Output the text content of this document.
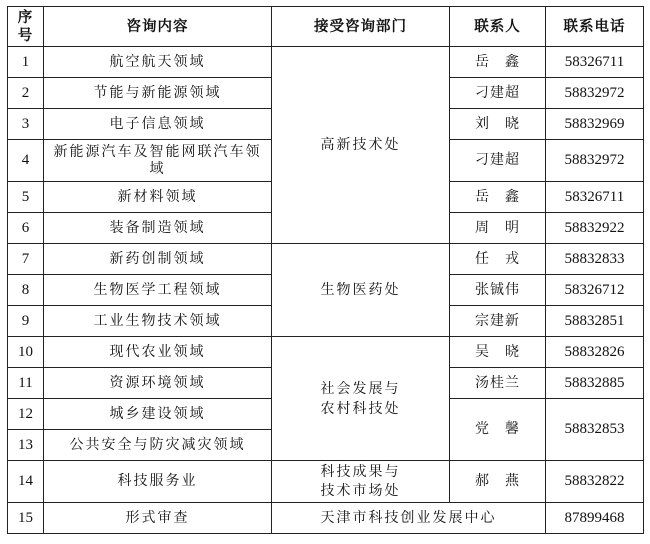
序
号	咨询内容	接受咨询部门	联系人	联系电话
1	航空航天领域	高新技术处	岳　鑫	58326711
2	节能与新能源领域		刁建超	58832972
3	电子信息领域		刘　晓	58832969
4	新能源汽车及智能网联汽车领域		刁建超	58832972
5	新材料领域		岳　鑫	58326711
6	装备制造领域		周　明	58832922
7	新药创制领域	生物医药处	任　戎	58832833
8	生物医学工程领域		张铖伟	58326712
9	工业生物技术领域		宗建新	58832851
10	现代农业领域	社会发展与
农村科技处	吴　晓	58832826
11	资源环境领域		汤桂兰	58832885
12	城乡建设领域		党　馨	58832853
13	公共安全与防灾减灾领域			
14	科技服务业	科技成果与
技术市场处	郝　燕	58832822
15	形式审查	天津市科技创业发展中心		87899468
